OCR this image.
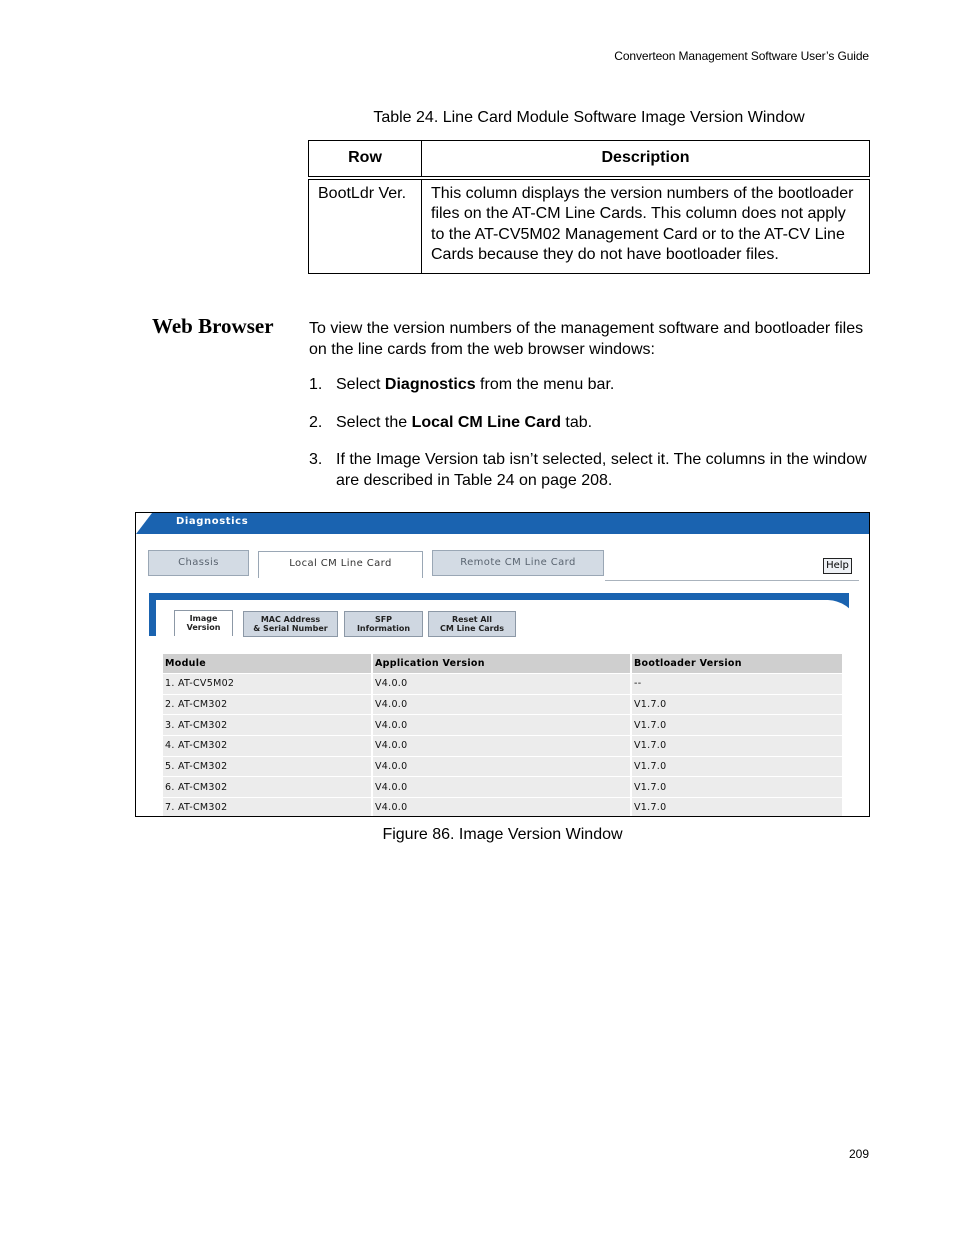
Converteon Management Software User’s Guide
Table 24. Line Card Module Software Image Version Window
Row	Description
BootLdr Ver.	This column displays the version numbers of the bootloader files on the AT-CM Line Cards. This column does not apply to the AT-CV5M02 Management Card or to the AT-CV Line Cards because they do not have bootloader files.
Web Browser To view the version numbers of the management software and bootloader files on the line cards from the web browser windows:

1. Select Diagnostics from the menu bar.
2. Select the Local CM Line Card tab.
3. If the Image Version tab isn’t selected, select it. The columns in the window are described in Table 24 on page 208.
Diagnostics
Chassis	Local CM Line Card	Remote CM Line Card	Help
Image
Version
MAC Address
& Serial Number
SFP
Information
Reset All
CM Line Cards
Module	Application Version	Bootloader Version
1. AT-CV5M02	V4.0.0	--
2. AT-CM302	V4.0.0	V1.7.0
3. AT-CM302	V4.0.0	V1.7.0
4. AT-CM302	V4.0.0	V1.7.0
5. AT-CM302	V4.0.0	V1.7.0
6. AT-CM302	V4.0.0	V1.7.0
7. AT-CM302	V4.0.0	V1.7.0
Figure 86. Image Version Window
209
